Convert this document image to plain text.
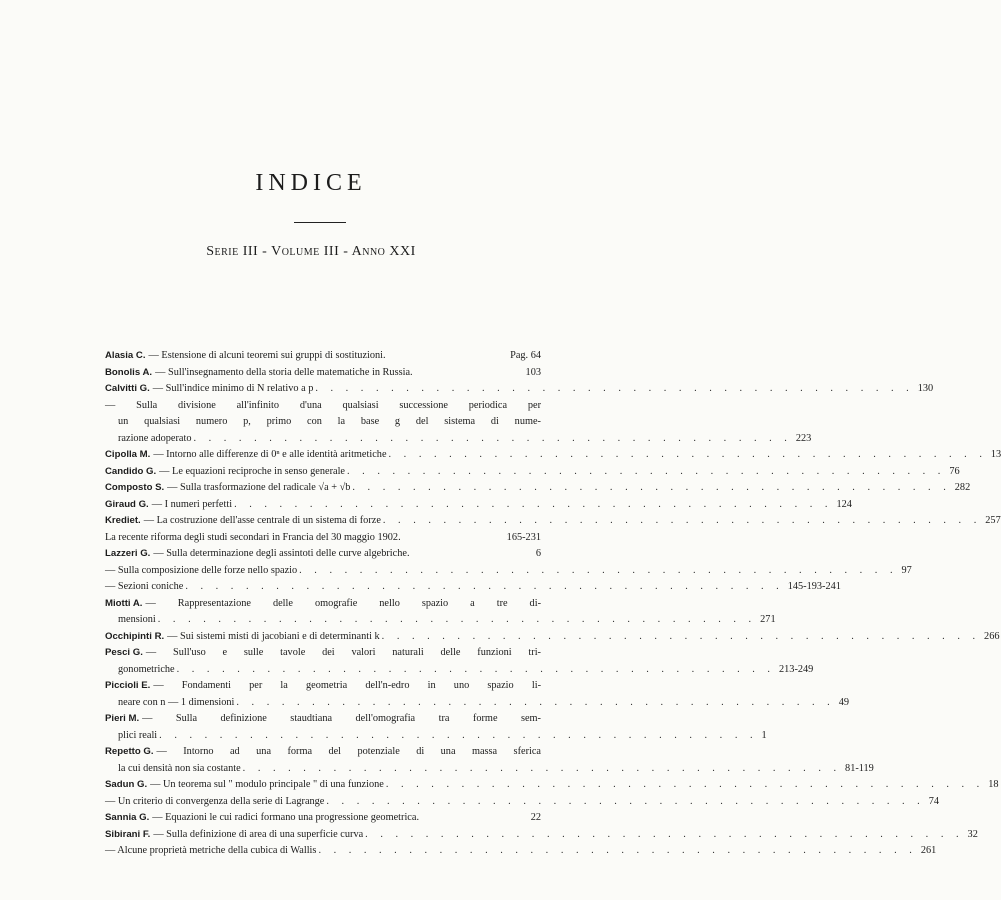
INDICE
Serie III - Volume III - Anno XXI
Alasia C. — Estensione di alcuni teoremi sui gruppi di sostituzioni.	Pag. 64
Bonolis A. — Sull'insegnamento della storia delle matematiche in Russia.	103
Calvitti G. — Sull'indice minimo di N relativo a p . . . . . . . . . . . . . . . . . . . . . . . . . . . . . . . . . . . . . . . . 130
— Sulla divisione all'infinito d'una qualsiasi successione periodica per
un qualsiasi numero p, primo con la base g del sistema di nume-
razione adoperato . . . . . . . . . . . . . . . . . . . . . . . . . . . . . . . . . . . . . . . . 223
Cipolla M. — Intorno alle differenze di 0ⁿ e alle identità aritmetiche . . . . . . . . . . . . . . . . . . . . . . . . . . . . . . . . . . . . . . . . 13
Candido G. — Le equazioni reciproche in senso generale . . . . . . . . . . . . . . . . . . . . . . . . . . . . . . . . . . . . . . . . 76
Composto S. — Sulla trasformazione del radicale √a + √b . . . . . . . . . . . . . . . . . . . . . . . . . . . . . . . . . . . . . . . . 282
Giraud G. — I numeri perfetti . . . . . . . . . . . . . . . . . . . . . . . . . . . . . . . . . . . . . . . . 124
Krediet. — La costruzione dell'asse centrale di un sistema di forze . . . . . . . . . . . . . . . . . . . . . . . . . . . . . . . . . . . . . . . . 257
La recente riforma degli studi secondari in Francia del 30 maggio 1902.	165-231
Lazzeri G. — Sulla determinazione degli assintoti delle curve algebriche.	6
— Sulla composizione delle forze nello spazio . . . . . . . . . . . . . . . . . . . . . . . . . . . . . . . . . . . . . . . . 97
— Sezioni coniche . . . . . . . . . . . . . . . . . . . . . . . . . . . . . . . . . . . . . . . . 145-193-241
Miotti A. — Rappresentazione delle omografie nello spazio a tre di-
mensioni . . . . . . . . . . . . . . . . . . . . . . . . . . . . . . . . . . . . . . . . 271
Occhipinti R. — Sui sistemi misti di jacobiani e di determinanti k . . . . . . . . . . . . . . . . . . . . . . . . . . . . . . . . . . . . . . . . 266
Pesci G. — Sull'uso e sulle tavole dei valori naturali delle funzioni tri-
gonometriche . . . . . . . . . . . . . . . . . . . . . . . . . . . . . . . . . . . . . . . . 213-249
Piccioli E. — Fondamenti per la geometria dell'n-edro in uno spazio li-
neare con n — 1 dimensioni . . . . . . . . . . . . . . . . . . . . . . . . . . . . . . . . . . . . . . . . 49
Pieri M. — Sulla definizione staudtiana dell'omografia tra forme sem-
plici reali . . . . . . . . . . . . . . . . . . . . . . . . . . . . . . . . . . . . . . . . 1
Repetto G. — Intorno ad una forma del potenziale di una massa sferica
la cui densità non sia costante . . . . . . . . . . . . . . . . . . . . . . . . . . . . . . . . . . . . . . . . 81-119
Sadun G. — Un teorema sul " modulo principale " di una funzione . . . . . . . . . . . . . . . . . . . . . . . . . . . . . . . . . . . . . . . . 18
— Un criterio di convergenza della serie di Lagrange . . . . . . . . . . . . . . . . . . . . . . . . . . . . . . . . . . . . . . . . 74
Sannia G. — Equazioni le cui radici formano una progressione geometrica.	22
Sibirani F. — Sulla definizione di area di una superficie curva . . . . . . . . . . . . . . . . . . . . . . . . . . . . . . . . . . . . . . . . 32
— Alcune proprietà metriche della cubica di Wallis . . . . . . . . . . . . . . . . . . . . . . . . . . . . . . . . . . . . . . . . 261
